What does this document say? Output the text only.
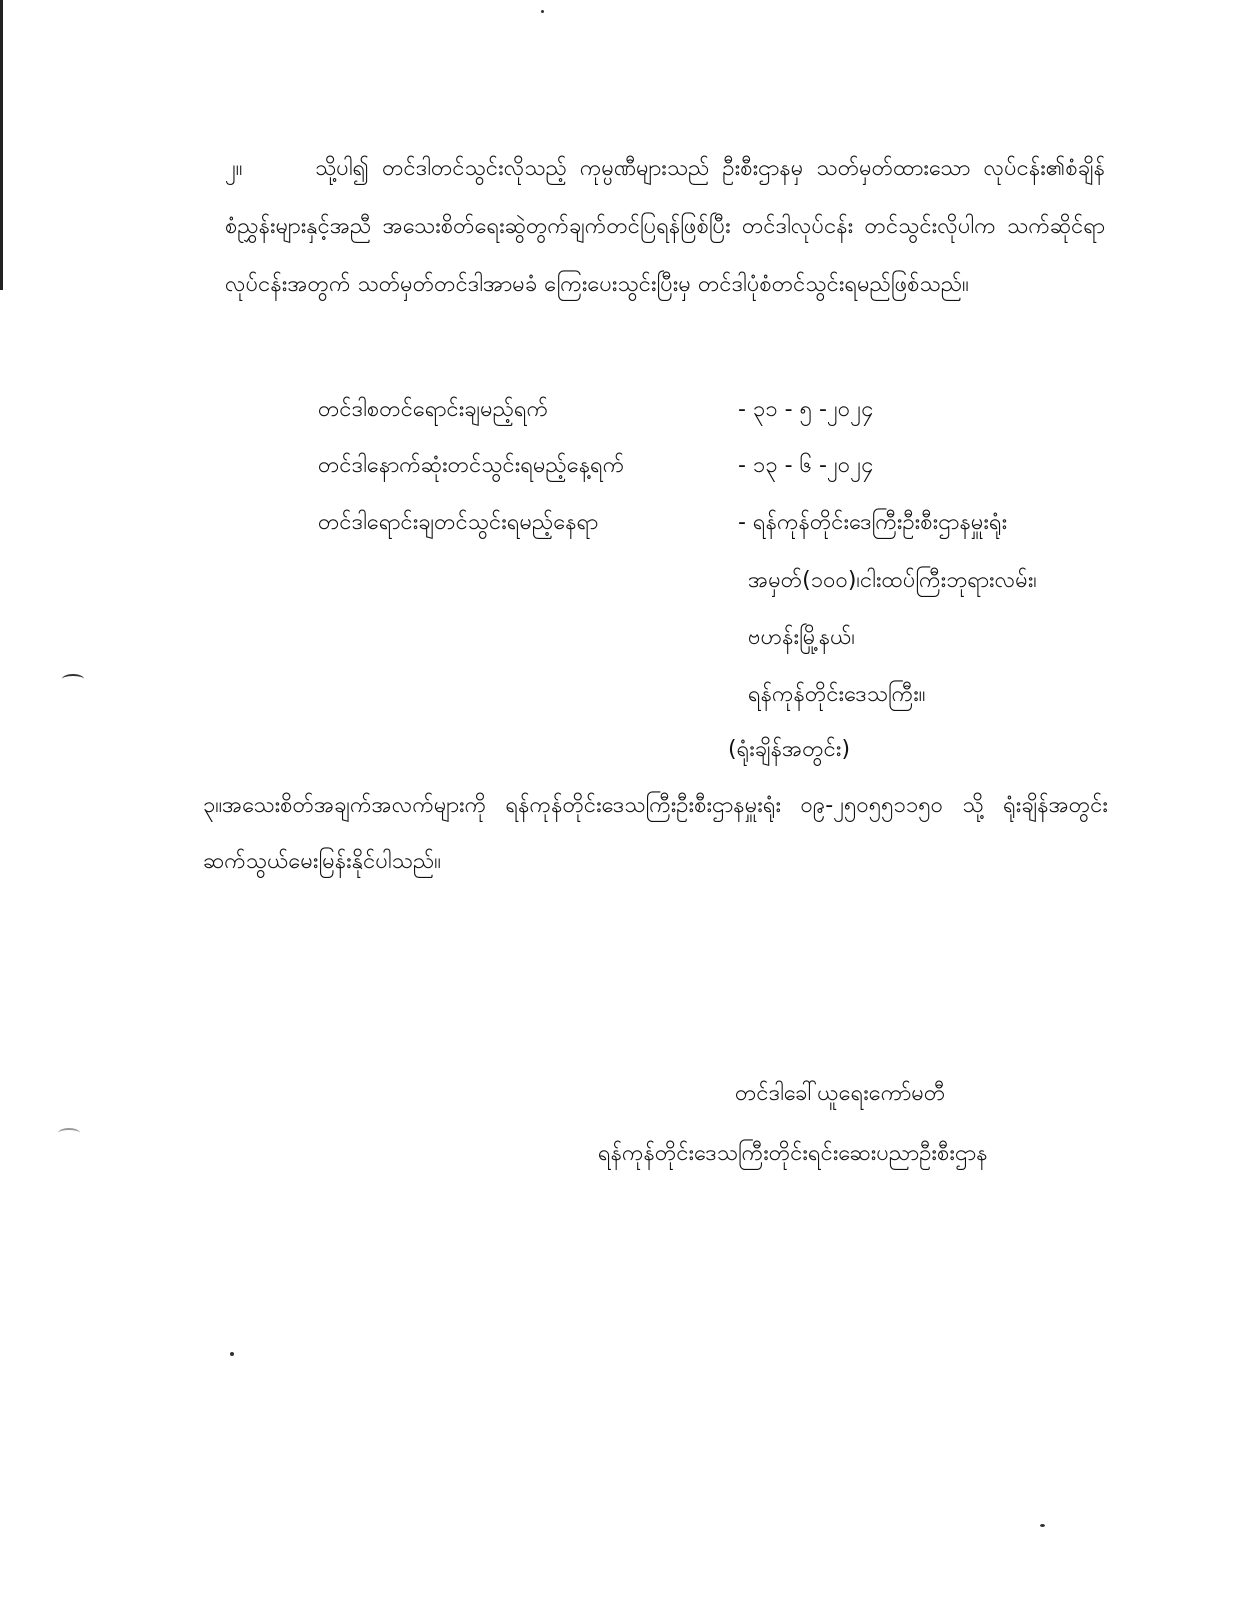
၂။	သို့ပါ၍ တင်ဒါတင်သွင်းလိုသည့် ကုမ္ပဏီများသည် ဦးစီးဌာနမှ သတ်မှတ်ထားသော လုပ်ငန်း၏စံချိန်စံညွှန်းများနှင့်အညီ အသေးစိတ်ရေးဆွဲတွက်ချက်တင်ပြရန်ဖြစ်ပြီး တင်ဒါလုပ်ငန်း တင်သွင်းလိုပါက သက်ဆိုင်ရာလုပ်ငန်းအတွက် သတ်မှတ်တင်ဒါအာမခံ ကြေးပေးသွင်းပြီးမှ တင်ဒါပုံစံတင်သွင်းရမည်ဖြစ်သည်။
တင်ဒါစတင်ရောင်းချမည့်ရက်	- ၃၁ - ၅ -၂၀၂၄
တင်ဒါနောက်ဆုံးတင်သွင်းရမည့်နေ့ရက်	- ၁၃ - ၆ -၂၀၂၄
တင်ဒါရောင်းချတင်သွင်းရမည့်နေရာ	- ရန်ကုန်တိုင်းဒေကြီးဦးစီးဌာနမှူးရုံး
အမှတ်(၁၀၀)၊ငါးထပ်ကြီးဘုရားလမ်း၊
ဗဟန်းမြို့နယ်၊
ရန်ကုန်တိုင်းဒေသကြီး။
(ရုံးချိန်အတွင်း)
၃။အသေးစိတ်အချက်အလက်များကို ရန်ကုန်တိုင်းဒေသကြီးဦးစီးဌာနမှူးရုံး ၀၉-၂၅၀၅၅၁၁၅၀ သို့ ရုံးချိန်အတွင်း ဆက်သွယ်မေးမြန်းနိုင်ပါသည်။
တင်ဒါခေါ်ယူရေးကော်မတီ
ရန်ကုန်တိုင်းဒေသကြီးတိုင်းရင်းဆေးပညာဦးစီးဌာန
